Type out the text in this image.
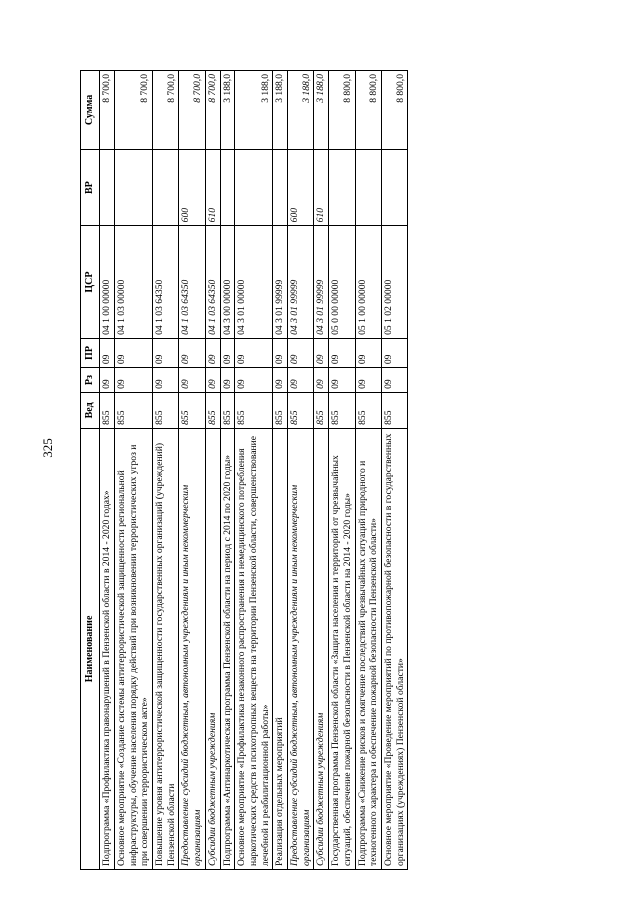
325
Наименование	Вед	Рз	ПР	ЦСР	ВР	Сумма
Подпрограмма «Профилактика правонарушений в Пензенской области в 2014 - 2020 годах»	855	09	09	04 1 00 00000		8 700,0
Основное мероприятие «Создание системы антитеррористической защищенности региональной инфраструктуры, обучение населения порядку действий при возникновении террористических угроз и при совершении террористическом акте»	855	09	09	04 1 03 00000		8 700,0
Повышение уровня антитеррористической защищенности государственных организаций (учреждений) Пензенской области	855	09	09	04 1 03 64350		8 700,0
Предоставление субсидий бюджетным, автономным учреждениям и иным некоммерческим организациям	855	09	09	04 1 03 64350	600	8 700,0
Субсидии бюджетным учреждениям	855	09	09	04 1 03 64350	610	8 700,0
Подпрограмма «Антинаркотическая программа Пензенской области на период с 2014 по 2020 годы»	855	09	09	04 3 00 00000		3 188,0
Основное мероприятие «Профилактика незаконного распространения и немедицинского потребления наркотических средств и психотропных веществ на территории Пензенской области, совершенствование лечебной и реабилитационной работы»	855	09	09	04 3 01 00000		3 188,0
Реализация отдельных мероприятий	855	09	09	04 3 01 99999		3 188,0
Предоставление субсидий бюджетным, автономным учреждениям и иным некоммерческим организациям	855	09	09	04 3 01 99999	600	3 188,0
Субсидии бюджетным учреждениям	855	09	09	04 3 01 99999	610	3 188,0
Государственная программа Пензенской области «Защита населения и территорий от чрезвычайных ситуаций, обеспечение пожарной безопасности в Пензенской области на 2014 - 2020 годы»	855	09	09	05 0 00 00000		8 800,0
Подпрограмма «Снижение рисков и смягчение последствий чрезвычайных ситуаций природного и техногенного характера и обеспечение пожарной безопасности Пензенской области»	855	09	09	05 1 00 00000		8 800,0
Основное мероприятие «Проведение мероприятий по противопожарной безопасности в государственных организациях (учреждениях) Пензенской области»	855	09	09	05 1 02 00000		8 800,0
